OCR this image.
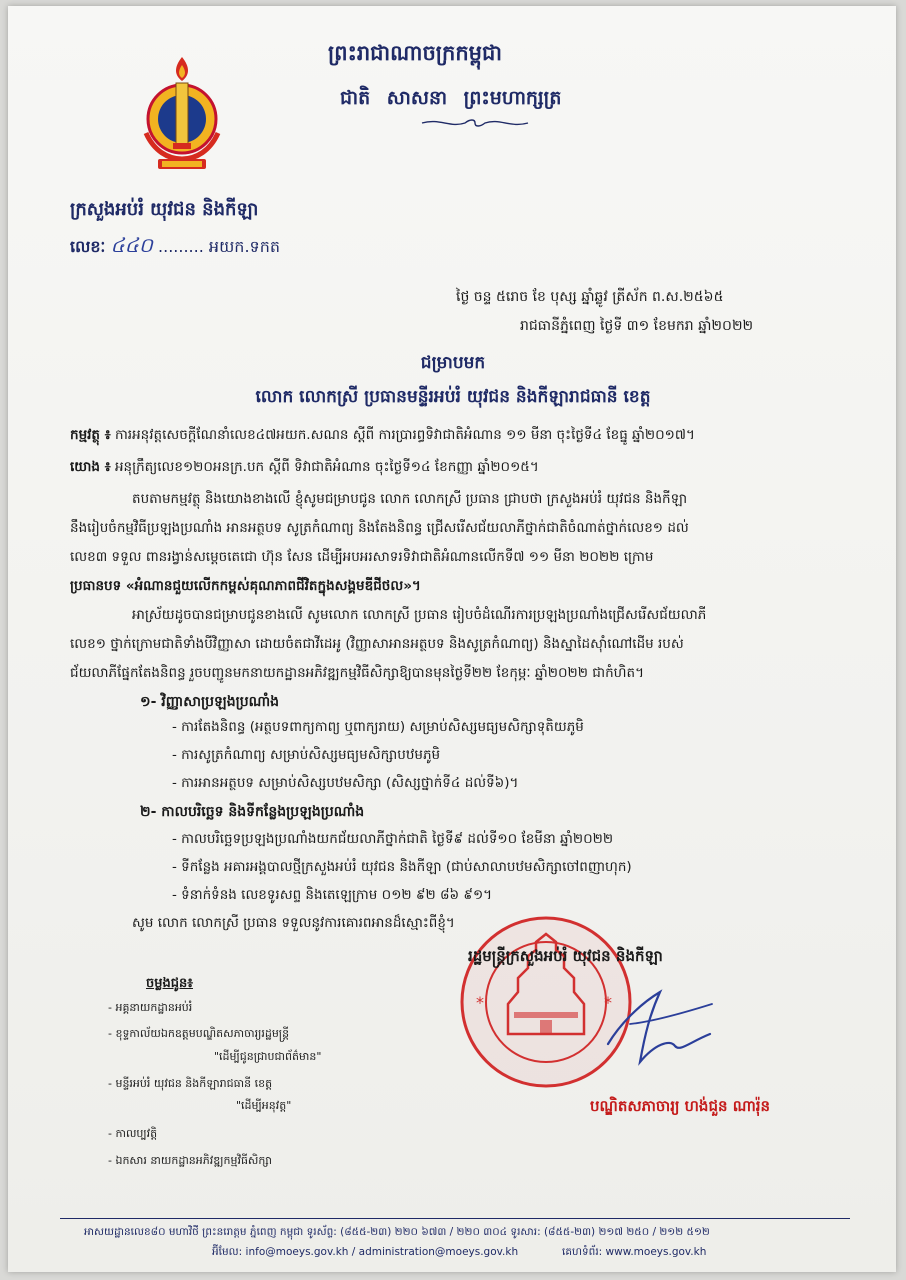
ព្រះរាជាណាចក្រកម្ពុជា
ជាតិ សាសនា ព្រះមហាក្សត្រ
ក្រសួងអប់រំ យុវជន និងកីឡា
លេខៈ ៤៤០ ......... អយក.ទកត
ថ្ងៃ ចន្ទ ៥រោច ខែ បុស្ស ឆ្នាំឆ្លូវ ត្រីស័ក ព.ស.២៥៦៥
រាជធានីភ្នំពេញ ថ្ងៃទី ៣១ ខែមករា ឆ្នាំ២០២២
ជម្រាបមក
លោក លោកស្រី ប្រធានមន្ទីរអប់រំ យុវជន និងកីឡារាជធានី ខេត្ត
កម្មវត្ថុ ៖ ការអនុវត្តសេចក្តីណែនាំលេខ៤៧អយក.សណន ស្តីពី ការប្រារព្ធទិវាជាតិអំណាន ១១ មីនា ចុះថ្ងៃទី៤ ខែធ្នូ ឆ្នាំ២០១៧។
យោង ៖ អនុក្រឹត្យលេខ១២០អនក្រ.បក ស្តីពី ទិវាជាតិអំណាន ចុះថ្ងៃទី១៤ ខែកញ្ញា ឆ្នាំ២០១៥។
តបតាមកម្មវត្ថុ និងយោងខាងលើ ខ្ញុំសូមជម្រាបជូន លោក លោកស្រី ប្រធាន ជ្រាបថា ក្រសួងអប់រំ យុវជន និងកីឡា
នឹងរៀបចំកម្មវិធីប្រឡងប្រណាំង អានអត្ថបទ សូត្រកំណាព្យ និងតែងនិពន្ធ ជ្រើសរើសជ័យលាភីថ្នាក់ជាតិចំណាត់ថ្នាក់លេខ១ ដល់
លេខ៣ ទទួល ពានរង្វាន់សម្តេចតេជោ ហ៊ុន សែន ដើម្បីអបអរសាទរទិវាជាតិអំណានលើកទី៧ ១១ មីនា ២០២២ ក្រោម
ប្រធានបទ «អំណានជួយលើកកម្ពស់គុណភាពជីវិតក្នុងសង្គមឌីជីថល»។
អាស្រ័យដូចបានជម្រាបជូនខាងលើ សូមលោក លោកស្រី ប្រធាន រៀបចំដំណើរការប្រឡងប្រណាំងជ្រើសរើសជ័យលាភី
លេខ១ ថ្នាក់ក្រោមជាតិទាំងបីវិញ្ញាសា ដោយចំតជាវីដេអូ (វិញ្ញាសាអានអត្ថបទ និងសូត្រកំណាព្យ) និងស្នាដៃស៊ាំណៅដើម របស់
ជ័យលាភីផ្នែកតែងនិពន្ធ រួចបញ្ជូនមកនាយកដ្ឋានអភិវឌ្ឍកម្មវិធីសិក្សាឱ្យបានមុនថ្ងៃទី២២ ខែកុម្ភៈ ឆ្នាំ២០២២ ជាកំហិត។
១- វិញ្ញាសាប្រឡងប្រណាំង
- ការតែងនិពន្ធ (អត្ថបទពាក្យកាព្យ ឬពាក្យរាយ) សម្រាប់សិស្សមធ្យមសិក្សាទុតិយភូមិ
- ការសូត្រកំណាព្យ សម្រាប់សិស្សមធ្យមសិក្សាបឋមភូមិ
- ការអានអត្ថបទ សម្រាប់សិស្សបឋមសិក្សា (សិស្សថ្នាក់ទី៤ ដល់ទី៦)។
២- កាលបរិច្ឆេទ និងទីកន្លែងប្រឡងប្រណាំង
- កាលបរិច្ឆេទប្រឡងប្រណាំងយកជ័យលាភីថ្នាក់ជាតិ ថ្ងៃទី៩ ដល់ទី១០ ខែមីនា ឆ្នាំ២០២២
- ទីកន្លែង អគារអង្គបាលថ្មីក្រសួងអប់រំ យុវជន និងកីឡា (ជាប់សាលាបឋមសិក្សាចៅពញាហុក)
- ទំនាក់ទំនង លេខទូរសព្ទ និងតេឡេក្រាម ០១២ ៩២ ៨៦ ៩១។
សូម លោក លោកស្រី ប្រធាន ទទួលនូវការគោរពអានដ៏ស្មោះពីខ្ញុំ។
*	*
រដ្ឋមន្ត្រីក្រសួងអប់រំ យុវជន និងកីឡា
បណ្ឌិតសភាចារ្យ ហង់ជួន ណារ៉ុន
ចម្លងជូន៖
- អគ្គនាយកដ្ឋានអប់រំ
- ខុទ្ទកាល័យឯកឧត្តមបណ្ឌិតសភាចារ្យរដ្ឋមន្ត្រី
"ដើម្បីជូនជ្រាបជាព័ត៌មាន"
- មន្ទីរអប់រំ យុវជន និងកីឡារាជធានី ខេត្ត
"ដើម្បីអនុវត្ត"
- កាលប្បវត្តិ
- ឯកសារ នាយកដ្ឋានអភិវឌ្ឍកម្មវិធីសិក្សា
អាសយដ្ឋានលេខ៨០ មហាវិថី ព្រះនរោត្តម ភ្នំពេញ កម្ពុជា ទូរស័ព្ទ: (៨៥៥-២៣) ២២០ ៦៧៣ / ២២០ ៣០៤ ទូរសារ: (៨៥៥-២៣) ២១៧ ២៥០ / ២១២ ៥១២
អ៊ីមែល: info@moeys.gov.kh / administration@moeys.gov.kh	គេហទំព័រ: www.moeys.gov.kh
